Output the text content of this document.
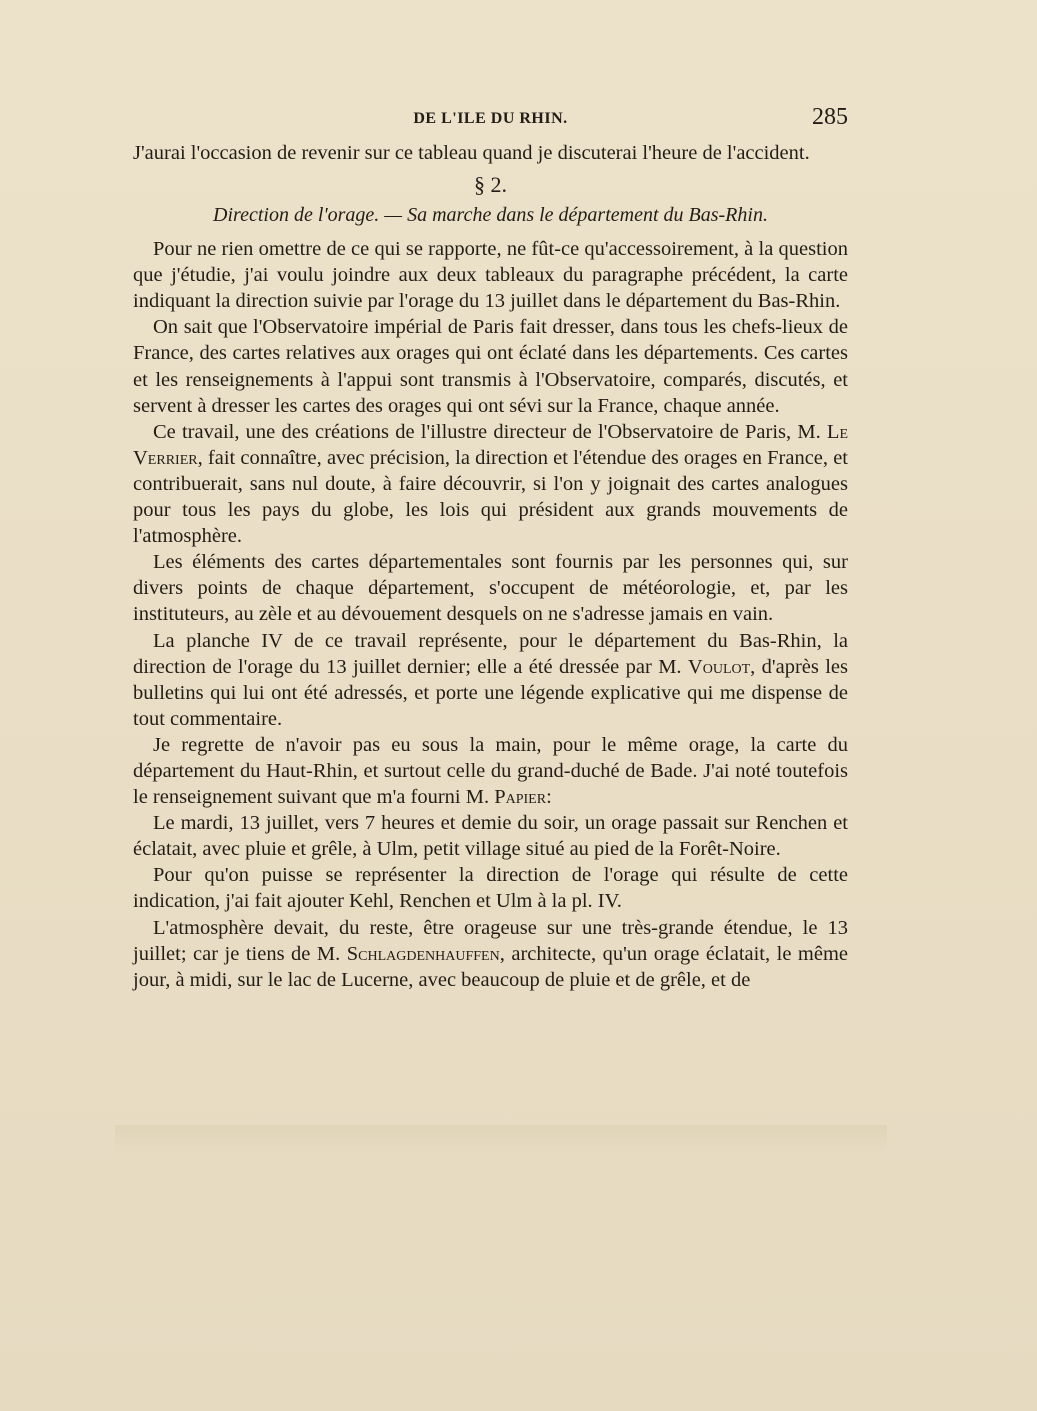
DE L'ILE DU RHIN.	285

J'aurai l'occasion de revenir sur ce tableau quand je discuterai l'heure de l'accident.

§ 2.
Direction de l'orage. — Sa marche dans le département du Bas-Rhin.

Pour ne rien omettre de ce qui se rapporte, ne fût-ce qu'accessoirement, à la question que j'étudie, j'ai voulu joindre aux deux tableaux du paragraphe précédent, la carte indiquant la direction suivie par l'orage du 13 juillet dans le département du Bas-Rhin.

On sait que l'Observatoire impérial de Paris fait dresser, dans tous les chefs-lieux de France, des cartes relatives aux orages qui ont éclaté dans les départements. Ces cartes et les renseignements à l'appui sont transmis à l'Observatoire, comparés, discutés, et servent à dresser les cartes des orages qui ont sévi sur la France, chaque année.

Ce travail, une des créations de l'illustre directeur de l'Observatoire de Paris, M. Le Verrier, fait connaître, avec précision, la direction et l'étendue des orages en France, et contribuerait, sans nul doute, à faire découvrir, si l'on y joignait des cartes analogues pour tous les pays du globe, les lois qui président aux grands mouvements de l'atmosphère.

Les éléments des cartes départementales sont fournis par les personnes qui, sur divers points de chaque département, s'occupent de météorologie, et, par les instituteurs, au zèle et au dévouement desquels on ne s'adresse jamais en vain.

La planche IV de ce travail représente, pour le département du Bas-Rhin, la direction de l'orage du 13 juillet dernier; elle a été dressée par M. Voulot, d'après les bulletins qui lui ont été adressés, et porte une légende explicative qui me dispense de tout commentaire.

Je regrette de n'avoir pas eu sous la main, pour le même orage, la carte du département du Haut-Rhin, et surtout celle du grand-duché de Bade. J'ai noté toutefois le renseignement suivant que m'a fourni M. Papier:

Le mardi, 13 juillet, vers 7 heures et demie du soir, un orage passait sur Renchen et éclatait, avec pluie et grêle, à Ulm, petit village situé au pied de la Forêt-Noire.

Pour qu'on puisse se représenter la direction de l'orage qui résulte de cette indication, j'ai fait ajouter Kehl, Renchen et Ulm à la pl. IV.

L'atmosphère devait, du reste, être orageuse sur une très-grande étendue, le 13 juillet; car je tiens de M. Schlagdenhauffen, architecte, qu'un orage éclatait, le même jour, à midi, sur le lac de Lucerne, avec beaucoup de pluie et de grêle, et de
